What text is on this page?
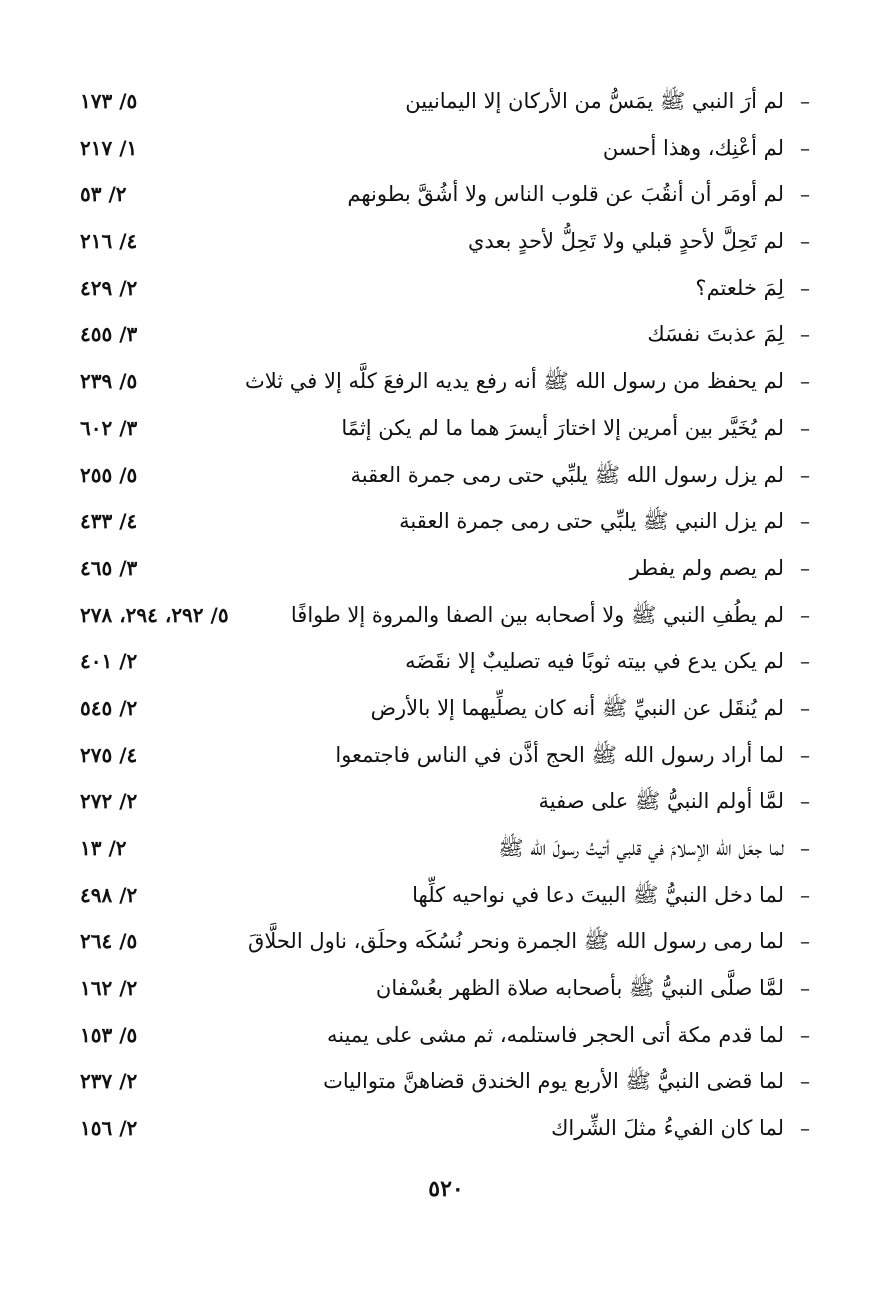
–
لم أرَ النبي ﷺ يمَسُّ من الأركان إلا اليمانيين
٥/ ١٧٣
–
لم أعْنِك، وهذا أحسن
١/ ٢١٧
–
لم أومَر أن أنقُبَ عن قلوب الناس ولا أشُقَّ بطونهم
٢/ ٥٣
–
لم تَحِلَّ لأحدٍ قبلي ولا تَحِلُّ لأحدٍ بعدي
٤/ ٢١٦
–
لِمَ خلعتم؟
٢/ ٤٢٩
–
لِمَ عذبتَ نفسَك
٣/ ٤٥٥
–
لم يحفظ من رسول الله ﷺ أنه رفع يديه الرفعَ كلَّه إلا في ثلاث
٥/ ٢٣٩
–
لم يُخَيَّر بين أمرين إلا اختارَ أيسرَ هما ما لم يكن إثمًا
٣/ ٦٠٢
–
لم يزل رسول الله ﷺ يلبِّي حتى رمى جمرة العقبة
٥/ ٢٥٥
–
لم يزل النبي ﷺ يلبِّي حتى رمى جمرة العقبة
٤/ ٤٣٣
–
لم يصم ولم يفطر
٣/ ٤٦٥
–
لم يطُفِ النبي ﷺ ولا أصحابه بين الصفا والمروة إلا طوافًا
٥/ ٢٩٢، ٢٩٤، ٢٧٨
–
لم يكن يدع في بيته ثوبًا فيه تصليبٌ إلا نقَضَه
٢/ ٤٠١
–
لم يُنقَل عن النبيِّ ﷺ أنه كان يصلِّيهما إلا بالأرض
٢/ ٥٤٥
–
لما أراد رسول الله ﷺ الحج أذَّن في الناس فاجتمعوا
٤/ ٢٧٥
–
لمَّا أولم النبيُّ ﷺ على صفية
٢/ ٢٧٢
–
لما جعَل الله الإسلامَ في قلبي أتيتُ رسولَ الله ﷺ
٢/ ١٣
–
لما دخل النبيُّ ﷺ البيتَ دعا في نواحيه كلِّها
٢/ ٤٩٨
–
لما رمى رسول الله ﷺ الجمرة ونحر نُسُكَه وحلَق، ناول الحلَّاقَ
٥/ ٢٦٤
–
لمَّا صلَّى النبيُّ ﷺ بأصحابه صلاة الظهر بعُسْفان
٢/ ١٦٢
–
لما قدم مكة أتى الحجر فاستلمه، ثم مشى على يمينه
٥/ ١٥٣
–
لما قضى النبيُّ ﷺ الأربع يوم الخندق قضاهنَّ متواليات
٢/ ٢٣٧
–
لما كان الفيءُ مثلَ الشِّراك
٢/ ١٥٦
٥٢٠
